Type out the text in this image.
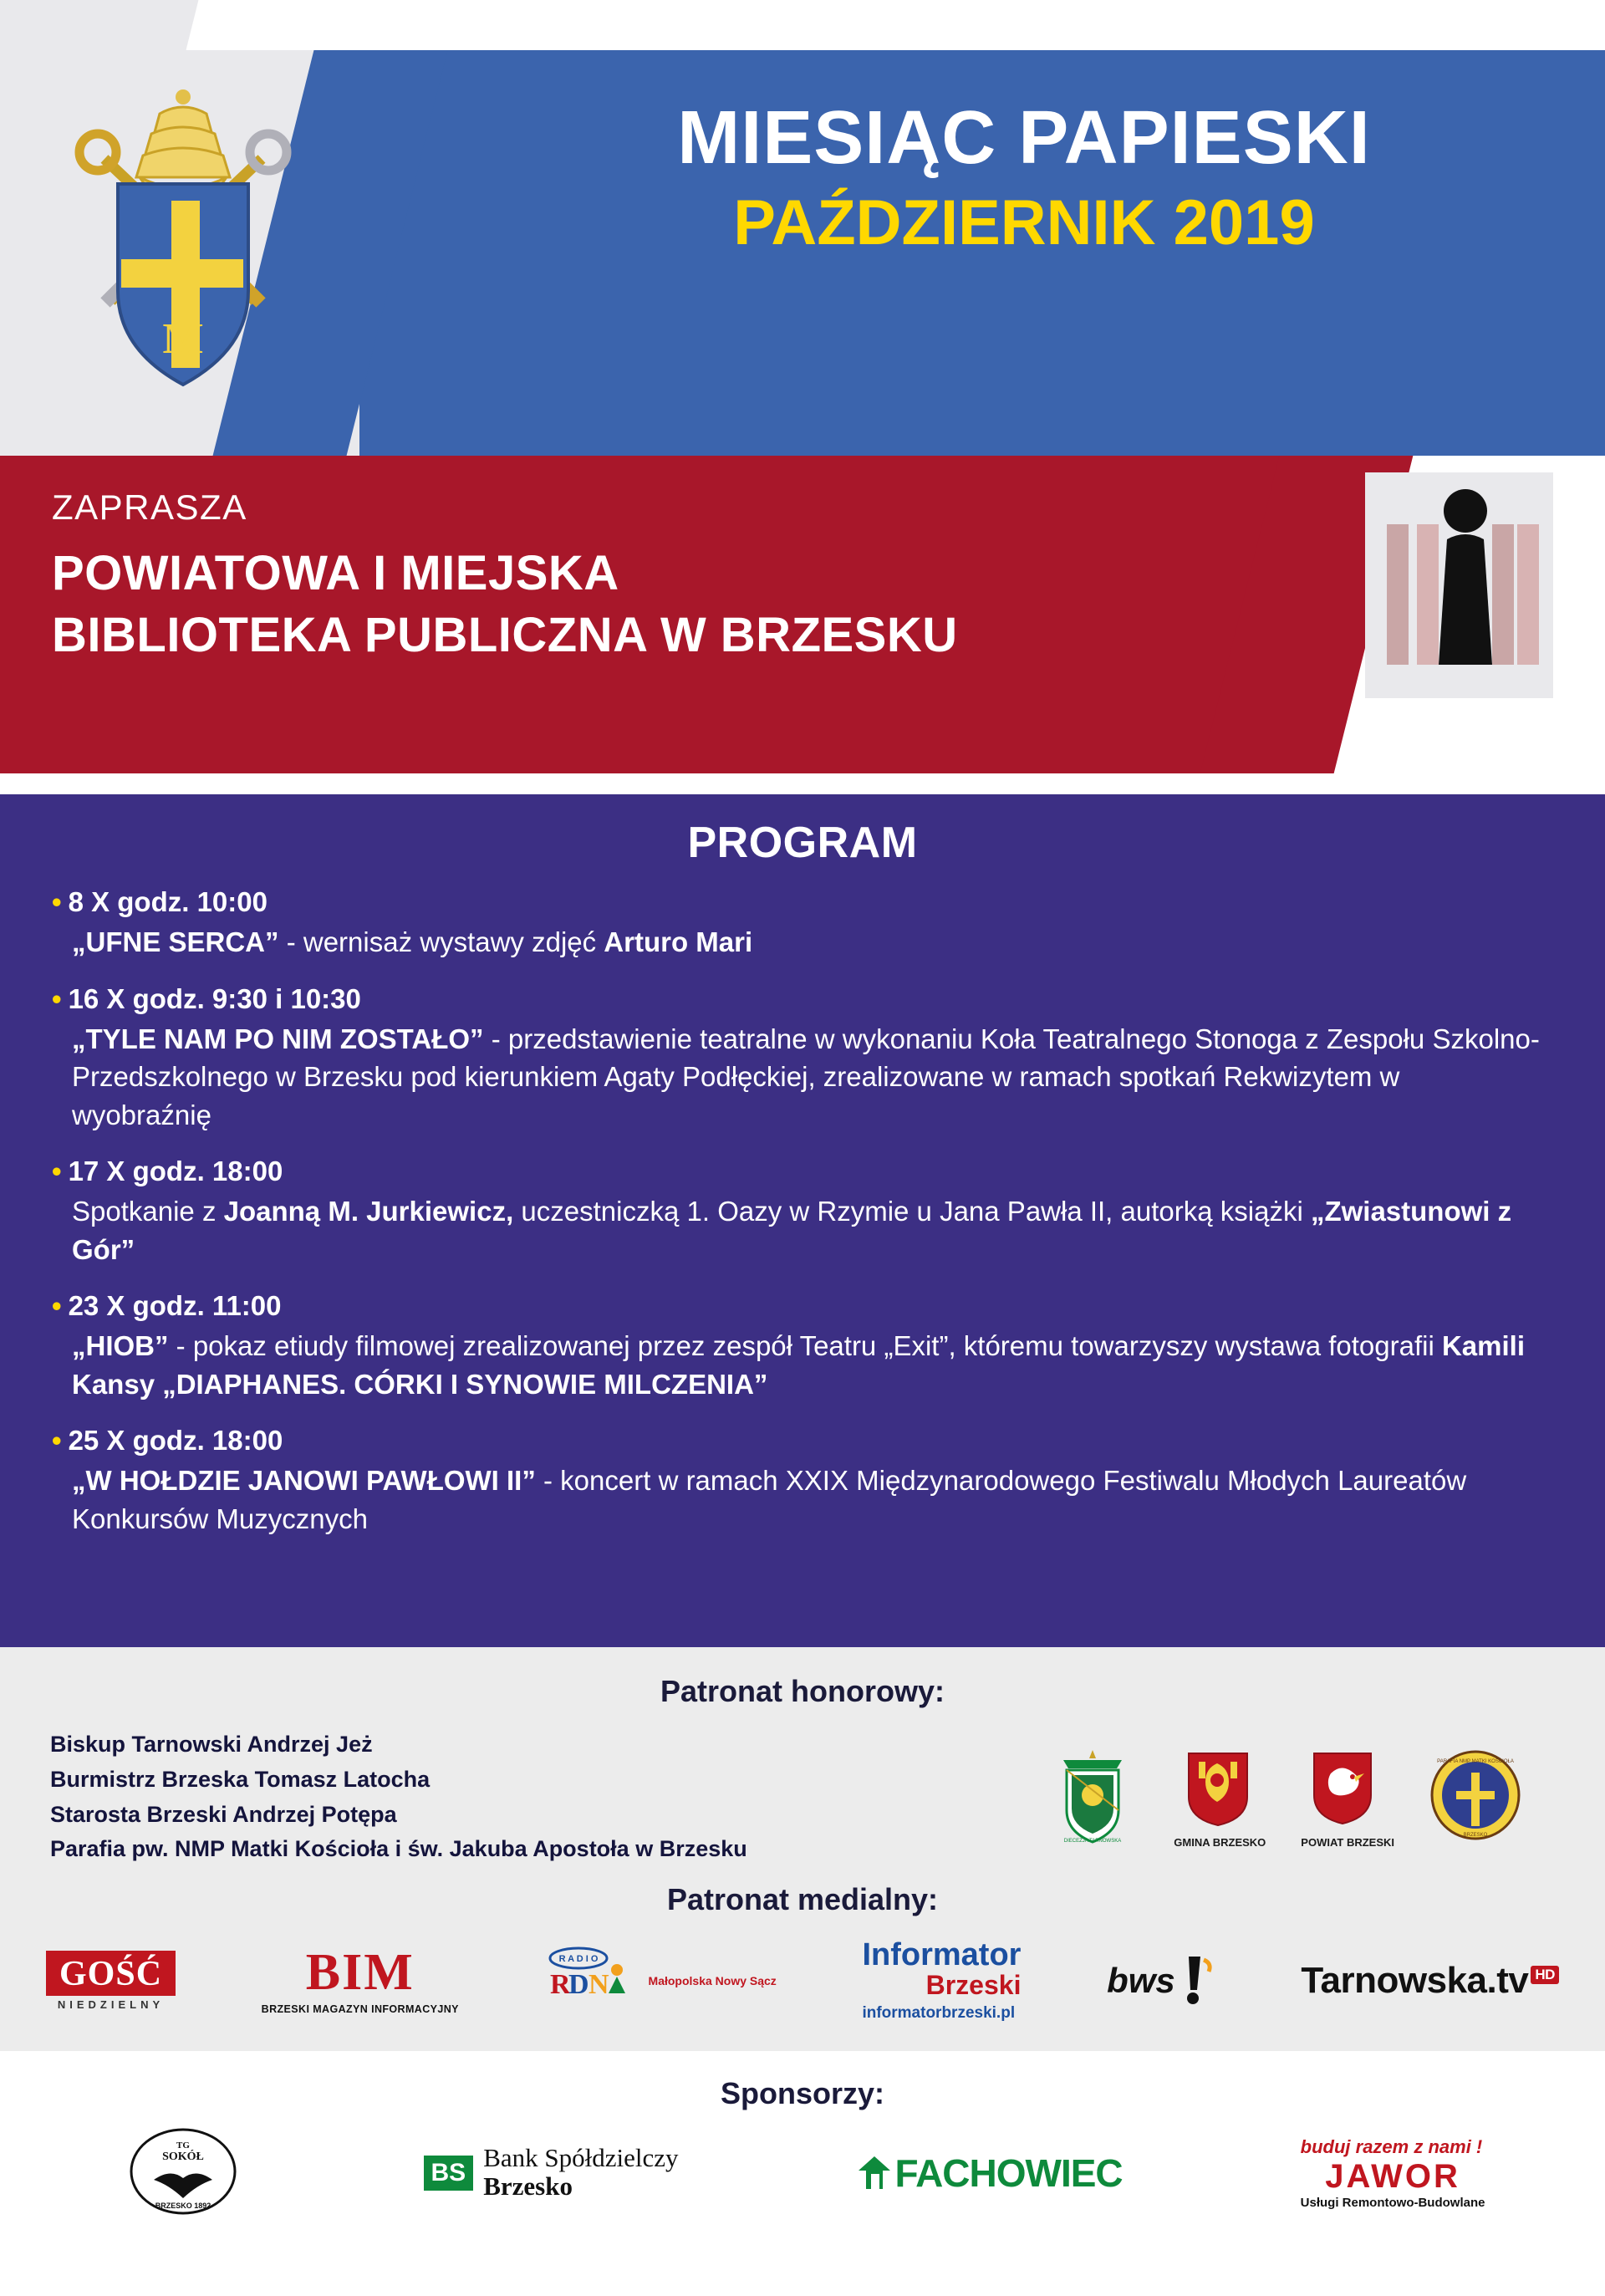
M
MIESIĄC PAPIESKI
PAŹDZIERNIK 2019
ZAPRASZA
POWIATOWA I MIEJSKA
BIBLIOTEKA PUBLICZNA W BRZESKU
PROGRAM
• 8 X godz. 10:00
„UFNE SERCA” - wernisaż wystawy zdjęć Arturo Mari
• 16 X godz. 9:30 i 10:30
„TYLE NAM PO NIM ZOSTAŁO” - przedstawienie teatralne w wykonaniu Koła Teatralnego Stonoga z Zespołu Szkolno-Przedszkolnego w Brzesku pod kierunkiem Agaty Podłęckiej, zrealizowane w ramach spotkań Rekwizytem w wyobraźnię
• 17 X godz. 18:00
Spotkanie z Joanną M. Jurkiewicz, uczestniczką 1. Oazy w Rzymie u Jana Pawła II, autorką książki „Zwiastunowi z Gór”
• 23 X godz. 11:00
„HIOB” - pokaz etiudy filmowej zrealizowanej przez zespół Teatru „Exit”, któremu towarzyszy wystawa fotografii Kamili Kansy „DIAPHANES. CÓRKI I SYNOWIE MILCZENIA”
• 25 X godz. 18:00
„W HOŁDZIE JANOWI PAWŁOWI II” - koncert w ramach XXIX Międzynarodowego Festiwalu Młodych Laureatów Konkursów Muzycznych
Patronat honorowy:
Biskup Tarnowski Andrzej Jeż
Burmistrz Brzeska Tomasz Latocha
Starosta Brzeski Andrzej Potępa
Parafia pw. NMP Matki Kościoła i św. Jakuba Apostoła w Brzesku	DIECEZJA TARNOWSKA	GMINA BRZESKO	POWIAT BRZESKI
PARAFIA NMP MATKI KOŚCIOŁA
BRZESKO
Patronat medialny:
GOŚĆ
NIEDZIELNY
BIM
BRZESKI MAGAZYN INFORMACYJNY
R A D I O
R
D N	Małopolska Nowy Sącz
Informator
Brzeski
informatorbrzeski.pl
bws	Tarnowska.tv HD
Sponsorzy:
TG
SOKÓŁ
BRZESKO 1892
BS
Bank Spółdzielczy
Brzesko	FACHOWIEC
buduj razem z nami !
JAWOR
Usługi Remontowo-Budowlane
